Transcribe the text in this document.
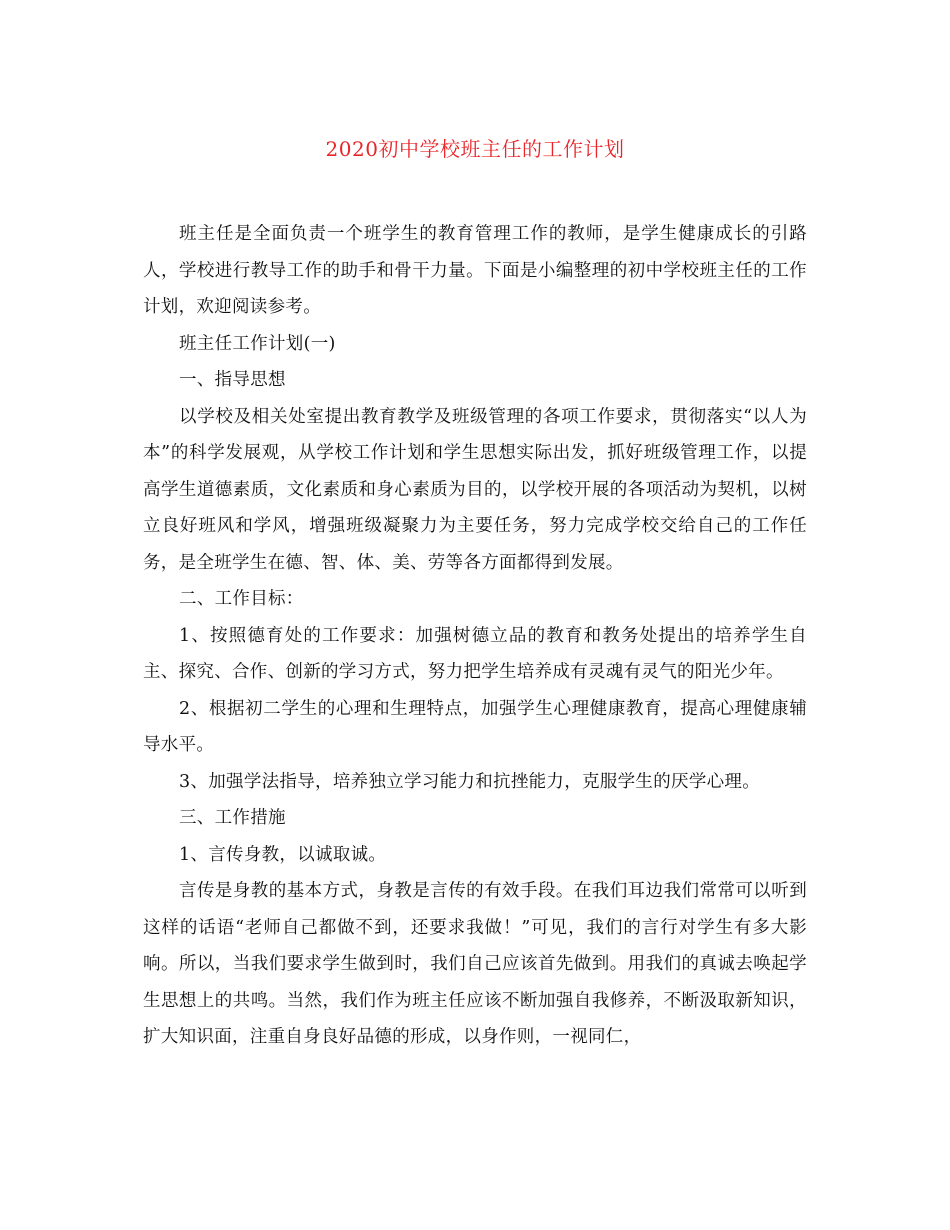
2020初中学校班主任的工作计划

班主任是全面负责一个班学生的教育管理工作的教师，是学生健康成长的引路人，学校进行教导工作的助手和骨干力量。下面是小编整理的初中学校班主任的工作计划，欢迎阅读参考。

班主任工作计划(一)

一、指导思想

以学校及相关处室提出教育教学及班级管理的各项工作要求，贯彻落实“以人为本”的科学发展观，从学校工作计划和学生思想实际出发，抓好班级管理工作，以提高学生道德素质，文化素质和身心素质为目的，以学校开展的各项活动为契机，以树立良好班风和学风，增强班级凝聚力为主要任务，努力完成学校交给自己的工作任务，是全班学生在德、智、体、美、劳等各方面都得到发展。

二、工作目标：

1、按照德育处的工作要求：加强树德立品的教育和教务处提出的培养学生自主、探究、合作、创新的学习方式，努力把学生培养成有灵魂有灵气的阳光少年。

2、根据初二学生的心理和生理特点，加强学生心理健康教育，提高心理健康辅导水平。

3、加强学法指导，培养独立学习能力和抗挫能力，克服学生的厌学心理。

三、工作措施

1、言传身教，以诚取诚。

言传是身教的基本方式，身教是言传的有效手段。在我们耳边我们常常可以听到这样的话语“老师自己都做不到，还要求我做！”可见，我们的言行对学生有多大影响。所以，当我们要求学生做到时，我们自己应该首先做到。用我们的真诚去唤起学生思想上的共鸣。当然，我们作为班主任应该不断加强自我修养，不断汲取新知识，扩大知识面，注重自身良好品德的形成，以身作则，一视同仁，
